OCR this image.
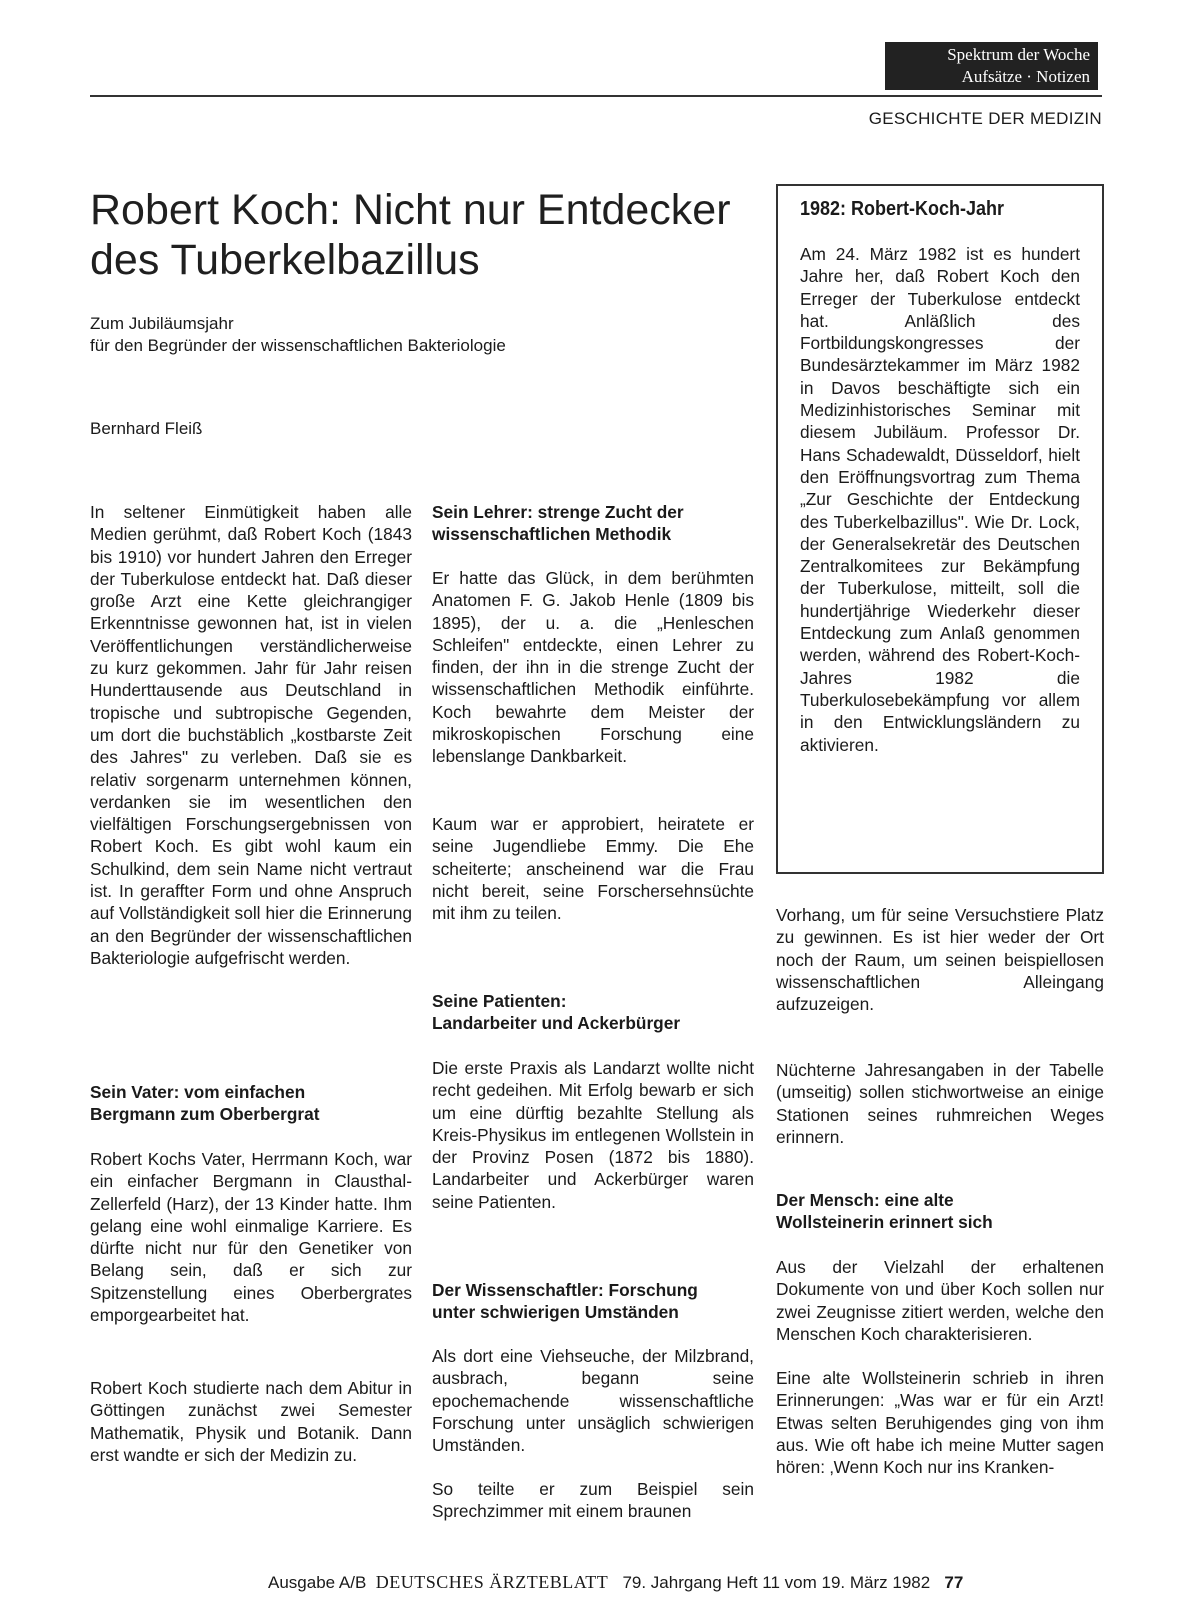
Spektrum der Woche
Aufsätze · Notizen
GESCHICHTE DER MEDIZIN
Robert Koch: Nicht nur Entdecker
des Tuberkelbazillus
Zum Jubiläumsjahr
für den Begründer der wissenschaftlichen Bakteriologie
Bernhard Fleiß

In seltener Einmütigkeit haben alle Medien gerühmt, daß Robert Koch (1843 bis 1910) vor hundert Jahren den Erreger der Tuberkulose entdeckt hat. Daß dieser große Arzt eine Kette gleichrangiger Erkenntnisse gewonnen hat, ist in vielen Veröffentlichungen verständlicherweise zu kurz gekommen. Jahr für Jahr reisen Hunderttausende aus Deutschland in tropische und subtropische Gegenden, um dort die buchstäblich „kostbarste Zeit des Jahres" zu verleben. Daß sie es relativ sorgenarm unternehmen können, verdanken sie im wesentlichen den vielfältigen Forschungsergebnissen von Robert Koch. Es gibt wohl kaum ein Schulkind, dem sein Name nicht vertraut ist. In geraffter Form und ohne Anspruch auf Vollständigkeit soll hier die Erinnerung an den Begründer der wissenschaftlichen Bakteriologie aufgefrischt werden.

Sein Vater: vom einfachen
Bergmann zum Oberbergrat

Robert Kochs Vater, Herrmann Koch, war ein einfacher Bergmann in Clausthal-Zellerfeld (Harz), der 13 Kinder hatte. Ihm gelang eine wohl einmalige Karriere. Es dürfte nicht nur für den Genetiker von Belang sein, daß er sich zur Spitzenstellung eines Oberbergrates emporgearbeitet hat.

Robert Koch studierte nach dem Abitur in Göttingen zunächst zwei Semester Mathematik, Physik und Botanik. Dann erst wandte er sich der Medizin zu.

Sein Lehrer: strenge Zucht der
wissenschaftlichen Methodik

Er hatte das Glück, in dem berühmten Anatomen F. G. Jakob Henle (1809 bis 1895), der u. a. die „Henleschen Schleifen" entdeckte, einen Lehrer zu finden, der ihn in die strenge Zucht der wissenschaftlichen Methodik einführte. Koch bewahrte dem Meister der mikroskopischen Forschung eine lebenslange Dankbarkeit.

Kaum war er approbiert, heiratete er seine Jugendliebe Emmy. Die Ehe scheiterte; anscheinend war die Frau nicht bereit, seine Forschersehnsüchte mit ihm zu teilen.

Seine Patienten:
Landarbeiter und Ackerbürger

Die erste Praxis als Landarzt wollte nicht recht gedeihen. Mit Erfolg bewarb er sich um eine dürftig bezahlte Stellung als Kreis-Physikus im entlegenen Wollstein in der Provinz Posen (1872 bis 1880). Landarbeiter und Ackerbürger waren seine Patienten.

Der Wissenschaftler: Forschung
unter schwierigen Umständen

Als dort eine Viehseuche, der Milzbrand, ausbrach, begann seine epochemachende wissenschaftliche Forschung unter unsäglich schwierigen Umständen.

So teilte er zum Beispiel sein Sprechzimmer mit einem braunen

1982: Robert-Koch-Jahr

Am 24. März 1982 ist es hundert Jahre her, daß Robert Koch den Erreger der Tuberkulose entdeckt hat. Anläßlich des Fortbildungskongresses der Bundesärztekammer im März 1982 in Davos beschäftigte sich ein Medizinhistorisches Seminar mit diesem Jubiläum. Professor Dr. Hans Schadewaldt, Düsseldorf, hielt den Eröffnungsvortrag zum Thema „Zur Geschichte der Entdeckung des Tuberkelbazillus". Wie Dr. Lock, der Generalsekretär des Deutschen Zentralkomitees zur Bekämpfung der Tuberkulose, mitteilt, soll die hundertjährige Wiederkehr dieser Entdeckung zum Anlaß genommen werden, während des Robert-Koch-Jahres 1982 die Tuberkulosebekämpfung vor allem in den Entwicklungsländern zu aktivieren.

Vorhang, um für seine Versuchstiere Platz zu gewinnen. Es ist hier weder der Ort noch der Raum, um seinen beispiellosen wissenschaftlichen Alleingang aufzuzeigen.

Nüchterne Jahresangaben in der Tabelle (umseitig) sollen stichwortweise an einige Stationen seines ruhmreichen Weges erinnern.

Der Mensch: eine alte
Wollsteinerin erinnert sich

Aus der Vielzahl der erhaltenen Dokumente von und über Koch sollen nur zwei Zeugnisse zitiert werden, welche den Menschen Koch charakterisieren.

Eine alte Wollsteinerin schrieb in ihren Erinnerungen: „Was war er für ein Arzt! Etwas selten Beruhigendes ging von ihm aus. Wie oft habe ich meine Mutter sagen hören: ‚Wenn Koch nur ins Kranken-

Ausgabe A/B DEUTSCHES ÄRZTEBLATT 79. Jahrgang Heft 11 vom 19. März 1982 77
